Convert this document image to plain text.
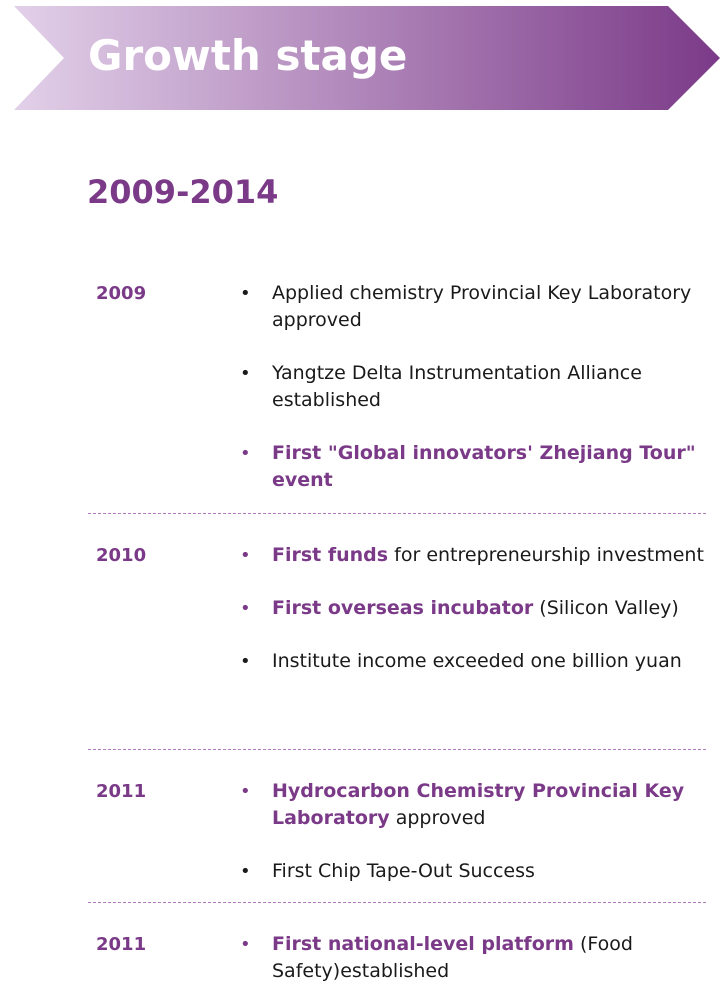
Growth stage
2009-2014
2009	• Applied chemistry Provincial Key Laboratory approved
• Yangtze Delta Instrumentation Alliance established
• First "Global innovators' Zhejiang Tour" event
2010	• First funds for entrepreneurship investment
• First overseas incubator (Silicon Valley)
• Institute income exceeded one billion yuan
2011	• Hydrocarbon Chemistry Provincial Key Laboratory approved
• First Chip Tape-Out Success
2011	• First national-level platform (Food Safety)established
